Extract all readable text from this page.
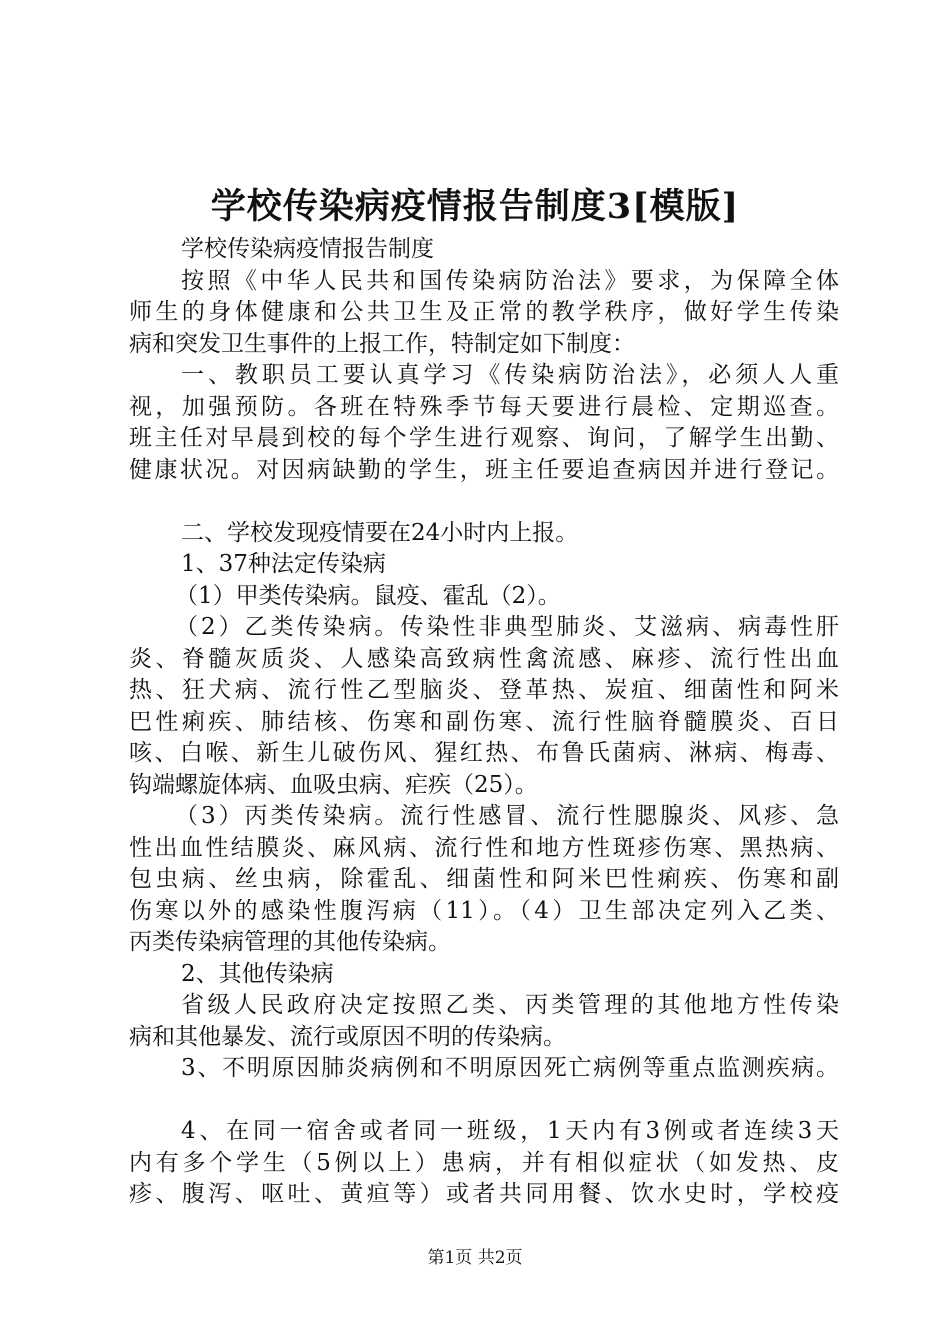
学校传染病疫情报告制度3[模版]
学校传染病疫情报告制度
按照《中华人民共和国传染病防治法》要求，为保障全体
师生的身体健康和公共卫生及正常的教学秩序，做好学生传染
病和突发卫生事件的上报工作，特制定如下制度：
一、教职员工要认真学习《传染病防治法》，必须人人重
视，加强预防。各班在特殊季节每天要进行晨检、定期巡查。
班主任对早晨到校的每个学生进行观察、询问，了解学生出勤、
健康状况。对因病缺勤的学生，班主任要追查病因并进行登记。
二、学校发现疫情要在24小时内上报。
1、37种法定传染病
（1）甲类传染病。鼠疫、霍乱（2）。
（2）乙类传染病。传染性非典型肺炎、艾滋病、病毒性肝
炎、脊髓灰质炎、人感染高致病性禽流感、麻疹、流行性出血
热、狂犬病、流行性乙型脑炎、登革热、炭疽、细菌性和阿米
巴性痢疾、肺结核、伤寒和副伤寒、流行性脑脊髓膜炎、百日
咳、白喉、新生儿破伤风、猩红热、布鲁氏菌病、淋病、梅毒、
钩端螺旋体病、血吸虫病、疟疾（25）。
（3）丙类传染病。流行性感冒、流行性腮腺炎、风疹、急
性出血性结膜炎、麻风病、流行性和地方性斑疹伤寒、黑热病、
包虫病、丝虫病，除霍乱、细菌性和阿米巴性痢疾、伤寒和副
伤寒以外的感染性腹泻病（11）。（4）卫生部决定列入乙类、
丙类传染病管理的其他传染病。
2、其他传染病
省级人民政府决定按照乙类、丙类管理的其他地方性传染
病和其他暴发、流行或原因不明的传染病。
3、不明原因肺炎病例和不明原因死亡病例等重点监测疾病。
4、在同一宿舍或者同一班级，1天内有3例或者连续3天
内有多个学生（5例以上）患病，并有相似症状（如发热、皮
疹、腹泻、呕吐、黄疸等）或者共同用餐、饮水史时，学校疫
第1页 共2页
